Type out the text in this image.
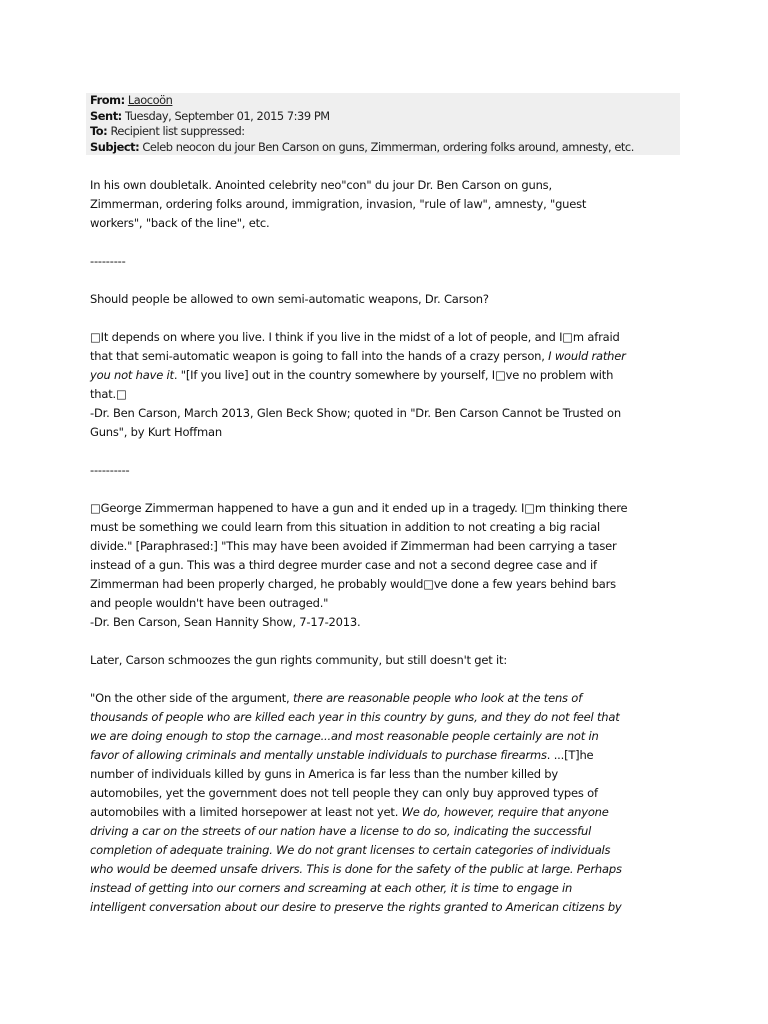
From: Laocoön
Sent: Tuesday, September 01, 2015 7:39 PM
To: Recipient list suppressed:
Subject: Celeb neocon du jour Ben Carson on guns, Zimmerman, ordering folks around, amnesty, etc.

In his own doubletalk. Anointed celebrity neo"con" du jour Dr. Ben Carson on guns,
Zimmerman, ordering folks around, immigration, invasion, "rule of law", amnesty, "guest
workers", "back of the line", etc.

---------

Should people be allowed to own semi-automatic weapons, Dr. Carson?

□It depends on where you live. I think if you live in the midst of a lot of people, and I□m afraid
that that semi-automatic weapon is going to fall into the hands of a crazy person, I would rather
you not have it. "[If you live] out in the country somewhere by yourself, I□ve no problem with
that.□
-Dr. Ben Carson, March 2013, Glen Beck Show; quoted in "Dr. Ben Carson Cannot be Trusted on
Guns", by Kurt Hoffman

----------

□George Zimmerman happened to have a gun and it ended up in a tragedy. I□m thinking there
must be something we could learn from this situation in addition to not creating a big racial
divide." [Paraphrased:] "This may have been avoided if Zimmerman had been carrying a taser
instead of a gun. This was a third degree murder case and not a second degree case and if
Zimmerman had been properly charged, he probably would□ve done a few years behind bars
and people wouldn't have been outraged."
-Dr. Ben Carson, Sean Hannity Show, 7-17-2013.

Later, Carson schmoozes the gun rights community, but still doesn't get it:

"On the other side of the argument, there are reasonable people who look at the tens of
thousands of people who are killed each year in this country by guns, and they do not feel that
we are doing enough to stop the carnage...and most reasonable people certainly are not in
favor of allowing criminals and mentally unstable individuals to purchase firearms. ...[T]he
number of individuals killed by guns in America is far less than the number killed by
automobiles, yet the government does not tell people they can only buy approved types of
automobiles with a limited horsepower at least not yet. We do, however, require that anyone
driving a car on the streets of our nation have a license to do so, indicating the successful
completion of adequate training. We do not grant licenses to certain categories of individuals
who would be deemed unsafe drivers. This is done for the safety of the public at large. Perhaps
instead of getting into our corners and screaming at each other, it is time to engage in
intelligent conversation about our desire to preserve the rights granted to American citizens by
